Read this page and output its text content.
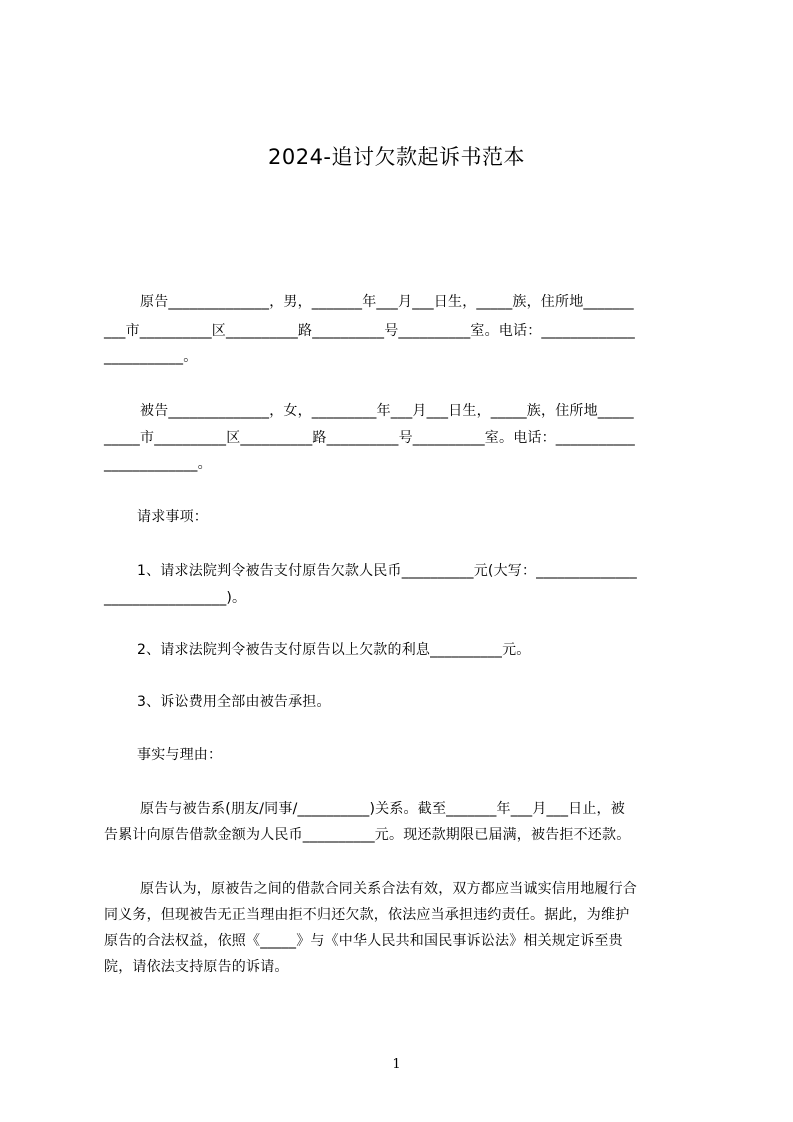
2024-追讨欠款起诉书范本
原告______________，男，_______年___月___日生，_____族，住所地_______
___市__________区__________路__________号__________室。电话：_____________
___________。
被告______________，女，_________年___月___日生，_____族，住所地_____
_____市__________区__________路__________号__________室。电话：___________
_____________。
请求事项：
1、请求法院判令被告支付原告欠款人民币__________元(大写：______________
_________________)。
2、请求法院判令被告支付原告以上欠款的利息__________元。
3、诉讼费用全部由被告承担。
事实与理由：
原告与被告系(朋友/同事/__________)关系。截至_______年___月___日止，被
告累计向原告借款金额为人民币__________元。现还款期限已届满，被告拒不还款。
原告认为，原被告之间的借款合同关系合法有效，双方都应当诚实信用地履行合
同义务，但现被告无正当理由拒不归还欠款，依法应当承担违约责任。据此，为维护
原告的合法权益，依照《_____》与《中华人民共和国民事诉讼法》相关规定诉至贵
院，请依法支持原告的诉请。
1
